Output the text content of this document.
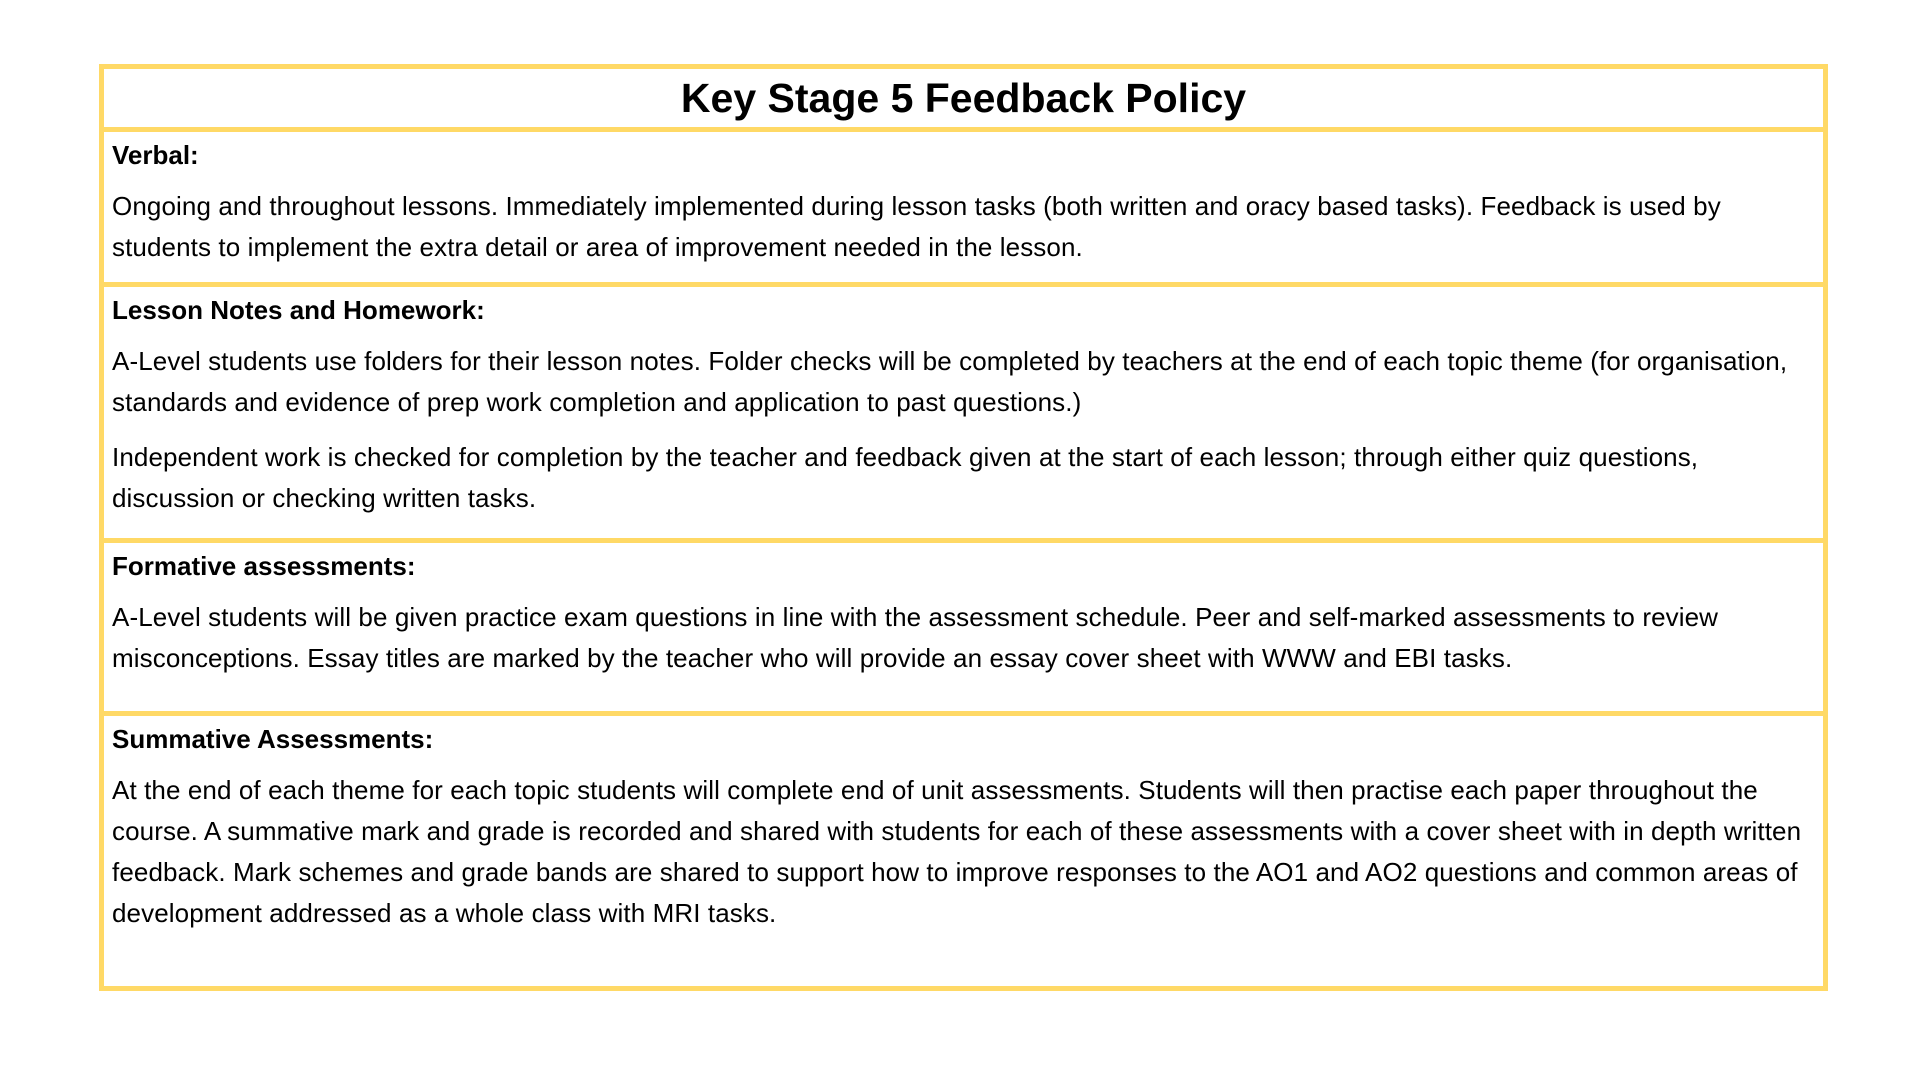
Key Stage 5 Feedback Policy

Verbal:

Ongoing and throughout lessons. Immediately implemented during lesson tasks (both written and oracy based tasks). Feedback is used by students to implement the extra detail or area of improvement needed in the lesson.

Lesson Notes and Homework:

A-Level students use folders for their lesson notes. Folder checks will be completed by teachers at the end of each topic theme (for organisation, standards and evidence of prep work completion and application to past questions.)

Independent work is checked for completion by the teacher and feedback given at the start of each lesson; through either quiz questions, discussion or checking written tasks.

Formative assessments:

A-Level students will be given practice exam questions in line with the assessment schedule. Peer and self-marked assessments to review misconceptions. Essay titles are marked by the teacher who will provide an essay cover sheet with WWW and EBI tasks.

Summative Assessments:

At the end of each theme for each topic students will complete end of unit assessments. Students will then practise each paper throughout the course. A summative mark and grade is recorded and shared with students for each of these assessments with a cover sheet with in depth written feedback. Mark schemes and grade bands are shared to support how to improve responses to the AO1 and AO2 questions and common areas of development addressed as a whole class with MRI tasks.
